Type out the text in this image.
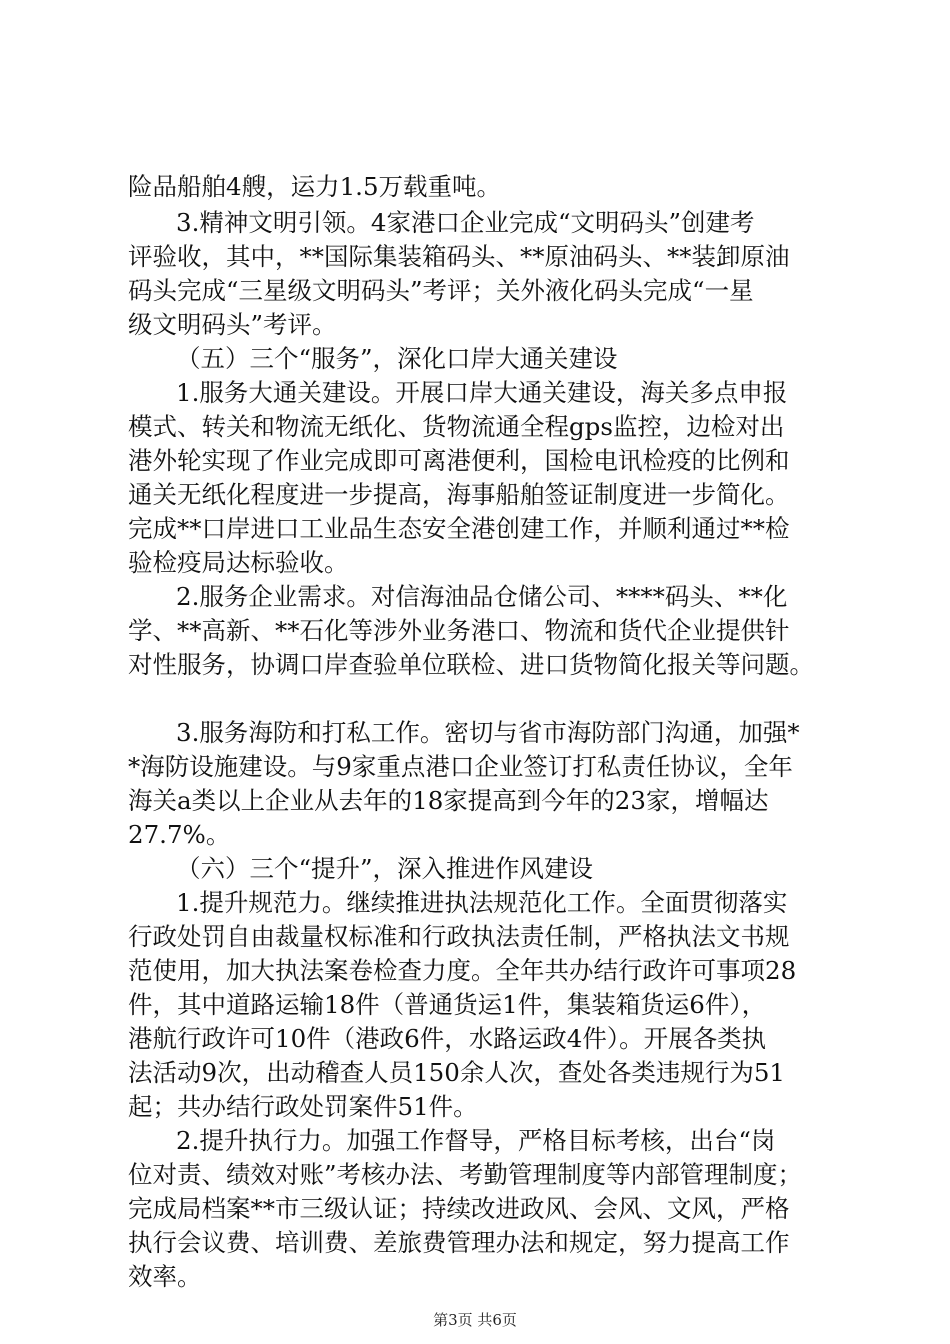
险品船舶4艘，运力1.5万载重吨。
3.精神文明引领。4家港口企业完成“文明码头”创建考
评验收，其中，**国际集装箱码头、**原油码头、**装卸原油
码头完成“三星级文明码头”考评；关外液化码头完成“一星
级文明码头”考评。
（五）三个“服务”，深化口岸大通关建设
1.服务大通关建设。开展口岸大通关建设，海关多点申报
模式、转关和物流无纸化、货物流通全程gps监控，边检对出
港外轮实现了作业完成即可离港便利，国检电讯检疫的比例和
通关无纸化程度进一步提高，海事船舶签证制度进一步简化。
完成**口岸进口工业品生态安全港创建工作，并顺利通过**检
验检疫局达标验收。
2.服务企业需求。对信海油品仓储公司、****码头、**化
学、**高新、**石化等涉外业务港口、物流和货代企业提供针
对性服务，协调口岸查验单位联检、进口货物简化报关等问题。
3.服务海防和打私工作。密切与省市海防部门沟通，加强*
*海防设施建设。与9家重点港口企业签订打私责任协议，全年
海关a类以上企业从去年的18家提高到今年的23家，增幅达
27.7%。
（六）三个“提升”，深入推进作风建设
1.提升规范力。继续推进执法规范化工作。全面贯彻落实
行政处罚自由裁量权标准和行政执法责任制，严格执法文书规
范使用，加大执法案卷检查力度。全年共办结行政许可事项28
件，其中道路运输18件（普通货运1件，集装箱货运6件），
港航行政许可10件（港政6件，水路运政4件）。开展各类执
法活动9次，出动稽查人员150余人次，查处各类违规行为51
起；共办结行政处罚案件51件。
2.提升执行力。加强工作督导，严格目标考核，出台“岗
位对责、绩效对账”考核办法、考勤管理制度等内部管理制度；
完成局档案**市三级认证；持续改进政风、会风、文风，严格
执行会议费、培训费、差旅费管理办法和规定，努力提高工作
效率。
第3页 共6页
